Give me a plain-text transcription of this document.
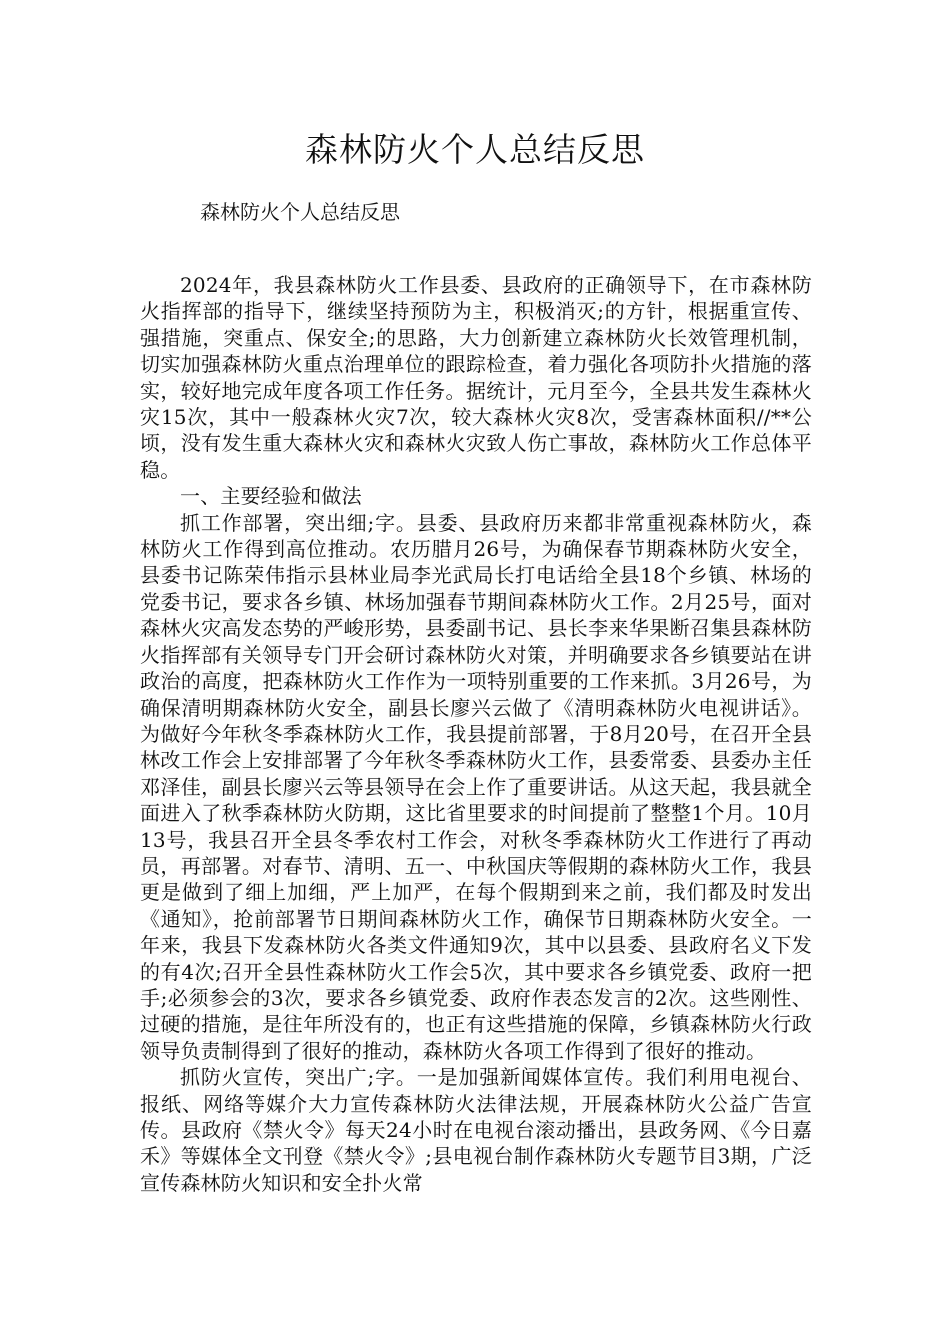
森林防火个人总结反思
森林防火个人总结反思

2024年，我县森林防火工作县委、县政府的正确领导下，在市森林防火指挥部的指导下，继续坚持预防为主，积极消灭;的方针，根据重宣传、强措施，突重点、保安全;的思路，大力创新建立森林防火长效管理机制，切实加强森林防火重点治理单位的跟踪检查，着力强化各项防扑火措施的落实，较好地完成年度各项工作任务。据统计，元月至今，全县共发生森林火灾15次，其中一般森林火灾7次，较大森林火灾8次，受害森林面积//**公顷，没有发生重大森林火灾和森林火灾致人伤亡事故，森林防火工作总体平稳。

一、主要经验和做法

抓工作部署，突出细;字。县委、县政府历来都非常重视森林防火，森林防火工作得到高位推动。农历腊月26号，为确保春节期森林防火安全，县委书记陈荣伟指示县林业局李光武局长打电话给全县18个乡镇、林场的党委书记，要求各乡镇、林场加强春节期间森林防火工作。2月25号，面对森林火灾高发态势的严峻形势，县委副书记、县长李来华果断召集县森林防火指挥部有关领导专门开会研讨森林防火对策，并明确要求各乡镇要站在讲政治的高度，把森林防火工作作为一项特别重要的工作来抓。3月26号，为确保清明期森林防火安全，副县长廖兴云做了《清明森林防火电视讲话》。为做好今年秋冬季森林防火工作，我县提前部署，于8月20号，在召开全县林改工作会上安排部署了今年秋冬季森林防火工作，县委常委、县委办主任邓泽佳，副县长廖兴云等县领导在会上作了重要讲话。从这天起，我县就全面进入了秋季森林防火防期，这比省里要求的时间提前了整整1个月。10月13号，我县召开全县冬季农村工作会，对秋冬季森林防火工作进行了再动员，再部署。对春节、清明、五一、中秋国庆等假期的森林防火工作，我县更是做到了细上加细，严上加严，在每个假期到来之前，我们都及时发出《通知》，抢前部署节日期间森林防火工作，确保节日期森林防火安全。一年来，我县下发森林防火各类文件通知9次，其中以县委、县政府名义下发的有4次;召开全县性森林防火工作会5次，其中要求各乡镇党委、政府一把手;必须参会的3次，要求各乡镇党委、政府作表态发言的2次。这些刚性、过硬的措施，是往年所没有的，也正有这些措施的保障，乡镇森林防火行政领导负责制得到了很好的推动，森林防火各项工作得到了很好的推动。

抓防火宣传，突出广;字。一是加强新闻媒体宣传。我们利用电视台、报纸、网络等媒介大力宣传森林防火法律法规，开展森林防火公益广告宣传。县政府《禁火令》每天24小时在电视台滚动播出，县政务网、《今日嘉禾》等媒体全文刊登《禁火令》;县电视台制作森林防火专题节目3期，广泛宣传森林防火知识和安全扑火常
